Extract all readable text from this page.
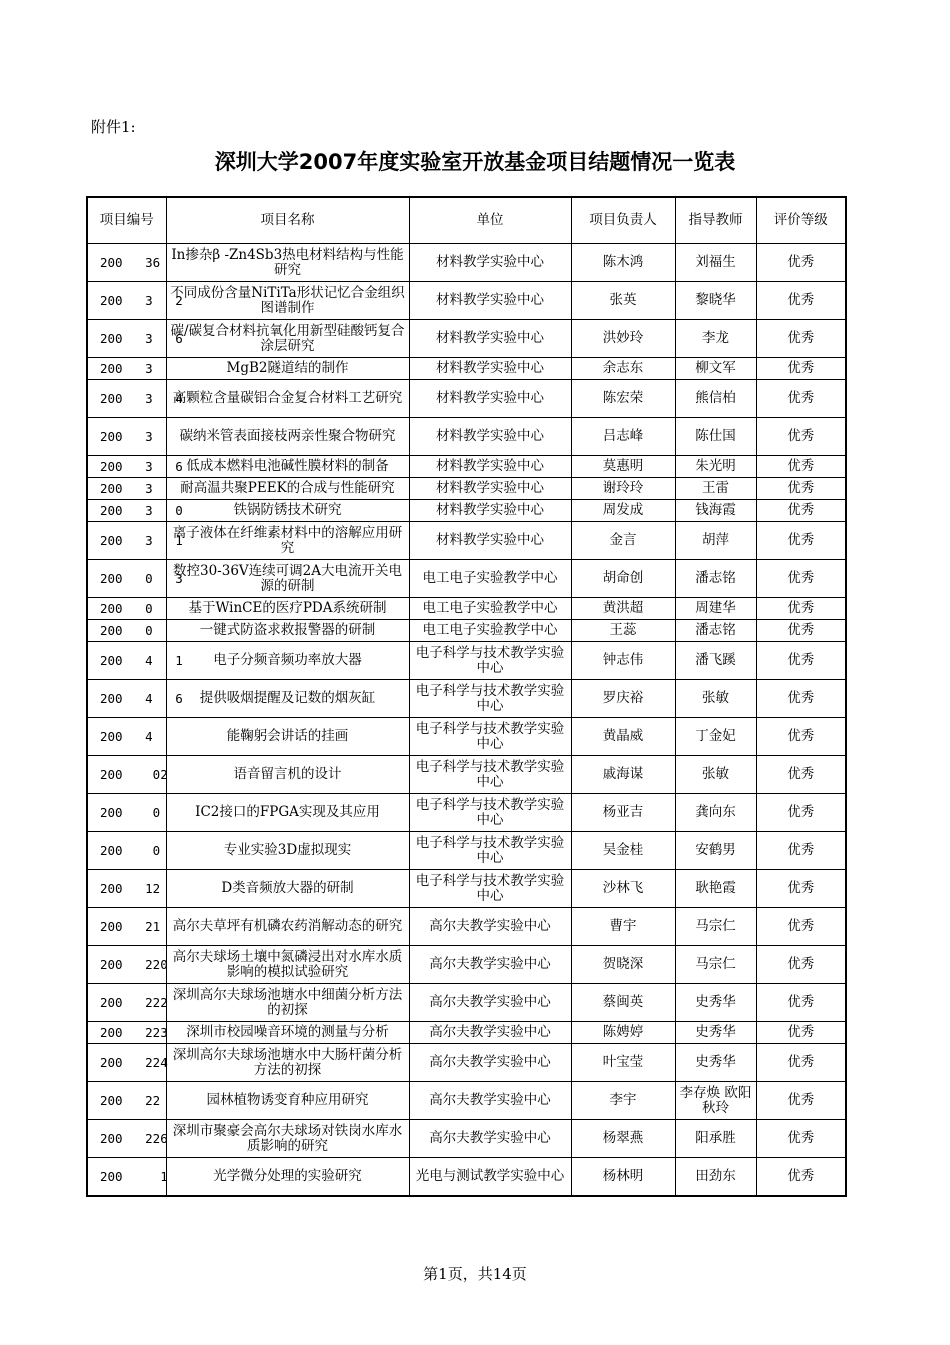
附件1:
深圳大学2007年度实验室开放基金项目结题情况一览表
项目编号	项目名称	单位	项目负责人	指导教师	评价等级
200   36	In掺杂β -Zn4Sb3热电材料结构与性能研究	材料教学实验中心	陈木鸿	刘福生	优秀
200   3   2	不同成份含量NiTiTa形状记忆合金组织图谱制作	材料教学实验中心	张英	黎晓华	优秀
200   3   6	碳/碳复合材料抗氧化用新型硅酸钙复合涂层研究	材料教学实验中心	洪妙玲	李龙	优秀
200   3	MgB2隧道结的制作	材料教学实验中心	余志东	柳文军	优秀
200   3   4	高颗粒含量碳铝合金复合材料工艺研究	材料教学实验中心	陈宏荣	熊信柏	优秀
200   3	碳纳米管表面接枝两亲性聚合物研究	材料教学实验中心	吕志峰	陈仕国	优秀
200   3   6	低成本燃料电池碱性膜材料的制备	材料教学实验中心	莫惠明	朱光明	优秀
200   3	耐高温共聚PEEK的合成与性能研究	材料教学实验中心	谢玲玲	王雷	优秀
200   3   0	铁锅防锈技术研究	材料教学实验中心	周发成	钱海霞	优秀
200   3   1	离子液体在纤维素材料中的溶解应用研究	材料教学实验中心	金言	胡萍	优秀
200   0   3	数控30-36V连续可调2A大电流开关电源的研制	电工电子实验教学中心	胡命创	潘志铭	优秀
200   0	基于WinCE的医疗PDA系统研制	电工电子实验教学中心	黄洪超	周建华	优秀
200   0	一键式防盗求救报警器的研制	电工电子实验教学中心	王蕊	潘志铭	优秀
200   4   1	电子分频音频功率放大器	电子科学与技术教学实验中心	钟志伟	潘飞蹊	优秀
200   4   6	提供吸烟提醒及记数的烟灰缸	电子科学与技术教学实验中心	罗庆裕	张敏	优秀
200   4	能鞠躬会讲话的挂画	电子科学与技术教学实验中心	黄晶威	丁金妃	优秀
200    02	语音留言机的设计	电子科学与技术教学实验中心	戚海谋	张敏	优秀
200    0	IC2接口的FPGA实现及其应用	电子科学与技术教学实验中心	杨亚吉	龚向东	优秀
200    0	专业实验3D虚拟现实	电子科学与技术教学实验中心	吴金桂	安鹤男	优秀
200   12	D类音频放大器的研制	电子科学与技术教学实验中心	沙林飞	耿艳霞	优秀
200   21	高尔夫草坪有机磷农药消解动态的研究	高尔夫教学实验中心	曹宇	马宗仁	优秀
200   220	高尔夫球场土壤中氮磷浸出对水库水质影响的模拟试验研究	高尔夫教学实验中心	贺晓深	马宗仁	优秀
200   222	深圳高尔夫球场池塘水中细菌分析方法的初探	高尔夫教学实验中心	蔡闽英	史秀华	优秀
200   223	深圳市校园噪音环境的测量与分析	高尔夫教学实验中心	陈娉婷	史秀华	优秀
200   224	深圳高尔夫球场池塘水中大肠杆菌分析方法的初探	高尔夫教学实验中心	叶宝莹	史秀华	优秀
200   22	园林植物诱变育种应用研究	高尔夫教学实验中心	李宇	李存焕 欧阳秋玲	优秀
200   226	深圳市聚豪会高尔夫球场对铁岗水库水质影响的研究	高尔夫教学实验中心	杨翠燕	阳承胜	优秀
200     1	光学微分处理的实验研究	光电与测试教学实验中心	杨林明	田劲东	优秀
第1页，共14页
